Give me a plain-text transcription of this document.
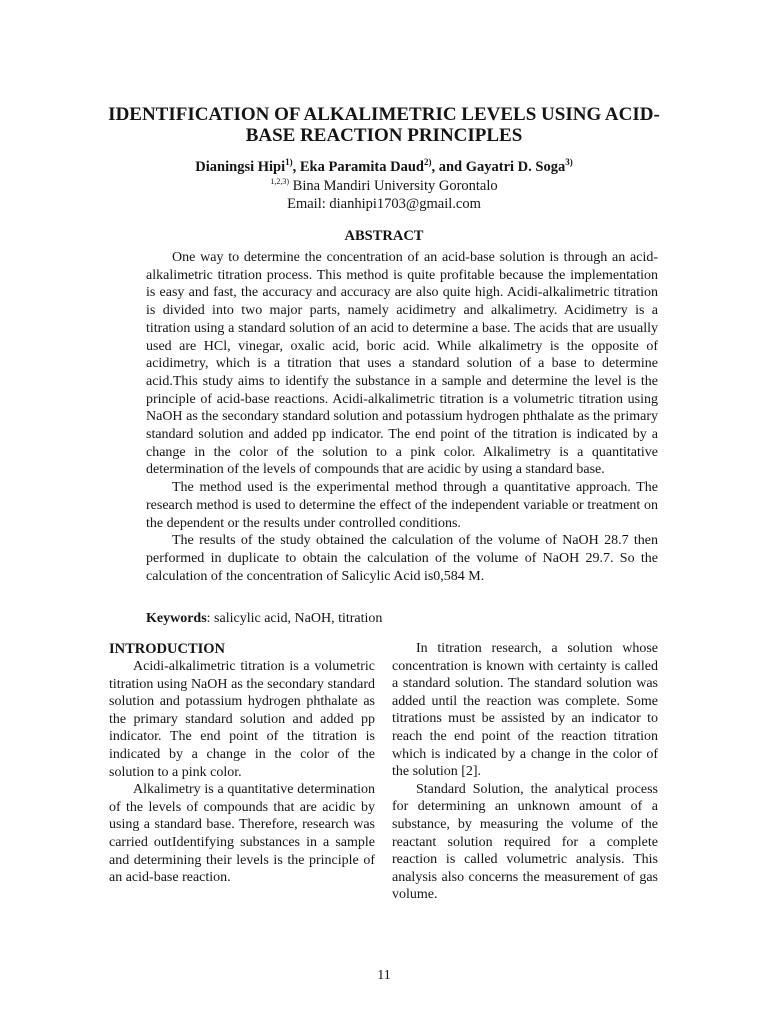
IDENTIFICATION OF ALKALIMETRIC LEVELS USING ACID-BASE REACTION PRINCIPLES
Dianingsi Hipi$^{1)}$, Eka Paramita Daud$^{2)}$, and Gayatri D. Soga$^{3)}$
$^{1,2,3)}$ Bina Mandiri University Gorontalo
Email: dianhipi1703@gmail.com
ABSTRACT

One way to determine the concentration of an acid-base solution is through an acid-alkalimetric titration process. This method is quite profitable because the implementation is easy and fast, the accuracy and accuracy are also quite high. Acidi-alkalimetric titration is divided into two major parts, namely acidimetry and alkalimetry. Acidimetry is a titration using a standard solution of an acid to determine a base. The acids that are usually used are HCl, vinegar, oxalic acid, boric acid. While alkalimetry is the opposite of acidimetry, which is a titration that uses a standard solution of a base to determine acid.This study aims to identify the substance in a sample and determine the level is the principle of acid-base reactions. Acidi-alkalimetric titration is a volumetric titration using NaOH as the secondary standard solution and potassium hydrogen phthalate as the primary standard solution and added pp indicator. The end point of the titration is indicated by a change in the color of the solution to a pink color. Alkalimetry is a quantitative determination of the levels of compounds that are acidic by using a standard base.

The method used is the experimental method through a quantitative approach. The research method is used to determine the effect of the independent variable or treatment on the dependent or the results under controlled conditions.

The results of the study obtained the calculation of the volume of NaOH 28.7 then performed in duplicate to obtain the calculation of the volume of NaOH 29.7. So the calculation of the concentration of Salicylic Acid is0,584 M.

Keywords: salicylic acid, NaOH, titration
INTRODUCTION

Acidi-alkalimetric titration is a volumetric titration using NaOH as the secondary standard solution and potassium hydrogen phthalate as the primary standard solution and added pp indicator. The end point of the titration is indicated by a change in the color of the solution to a pink color.

Alkalimetry is a quantitative determination of the levels of compounds that are acidic by using a standard base. Therefore, research was carried outIdentifying substances in a sample and determining their levels is the principle of an acid-base reaction.

In titration research, a solution whose concentration is known with certainty is called a standard solution. The standard solution was added until the reaction was complete. Some titrations must be assisted by an indicator to reach the end point of the reaction titration which is indicated by a change in the color of the solution [2].

Standard Solution, the analytical process for determining an unknown amount of a substance, by measuring the volume of the reactant solution required for a complete reaction is called volumetric analysis. This analysis also concerns the measurement of gas volume.

11
